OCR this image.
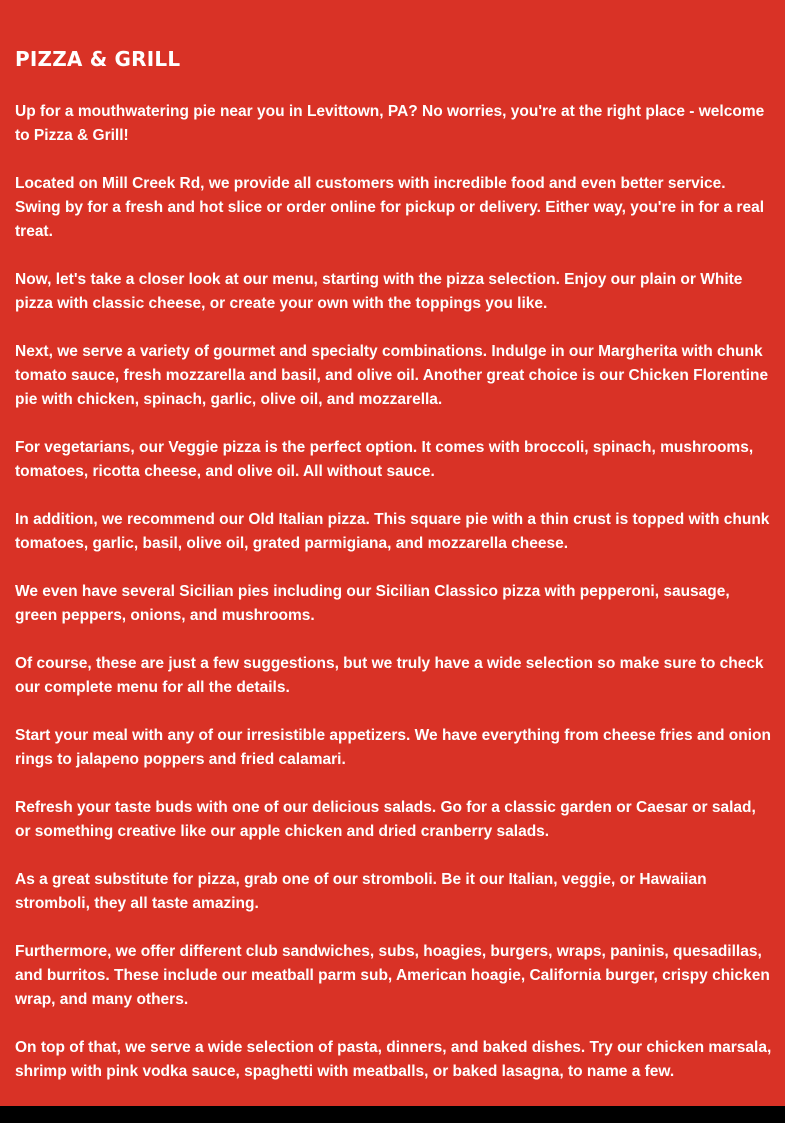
PIZZA & GRILL

Up for a mouthwatering pie near you in Levittown, PA? No worries, you're at the right place - welcome to Pizza & Grill!

Located on Mill Creek Rd, we provide all customers with incredible food and even better service. Swing by for a fresh and hot slice or order online for pickup or delivery. Either way, you're in for a real treat.

Now, let's take a closer look at our menu, starting with the pizza selection. Enjoy our plain or White pizza with classic cheese, or create your own with the toppings you like.

Next, we serve a variety of gourmet and specialty combinations. Indulge in our Margherita with chunk tomato sauce, fresh mozzarella and basil, and olive oil. Another great choice is our Chicken Florentine pie with chicken, spinach, garlic, olive oil, and mozzarella.

For vegetarians, our Veggie pizza is the perfect option. It comes with broccoli, spinach, mushrooms, tomatoes, ricotta cheese, and olive oil. All without sauce.

In addition, we recommend our Old Italian pizza. This square pie with a thin crust is topped with chunk tomatoes, garlic, basil, olive oil, grated parmigiana, and mozzarella cheese.

We even have several Sicilian pies including our Sicilian Classico pizza with pepperoni, sausage, green peppers, onions, and mushrooms.

Of course, these are just a few suggestions, but we truly have a wide selection so make sure to check our complete menu for all the details.

Start your meal with any of our irresistible appetizers. We have everything from cheese fries and onion rings to jalapeno poppers and fried calamari.

Refresh your taste buds with one of our delicious salads. Go for a classic garden or Caesar or salad, or something creative like our apple chicken and dried cranberry salads.

As a great substitute for pizza, grab one of our stromboli. Be it our Italian, veggie, or Hawaiian stromboli, they all taste amazing.

Furthermore, we offer different club sandwiches, subs, hoagies, burgers, wraps, paninis, quesadillas, and burritos. These include our meatball parm sub, American hoagie, California burger, crispy chicken wrap, and many others.

On top of that, we serve a wide selection of pasta, dinners, and baked dishes. Try our chicken marsala, shrimp with pink vodka sauce, spaghetti with meatballs, or baked lasagna, to name a few.
